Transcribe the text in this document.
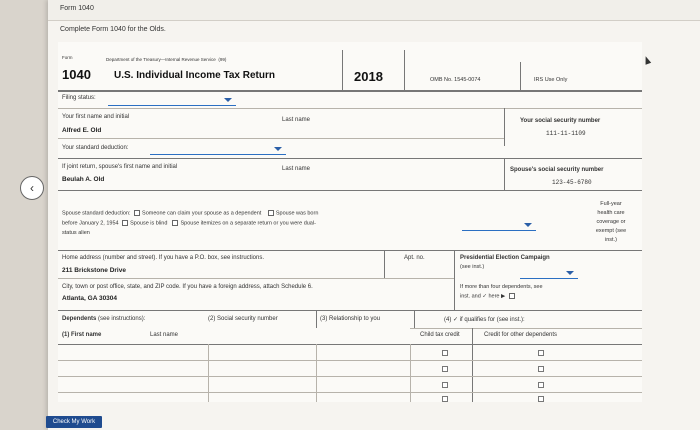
Form 1040
Complete Form 1040 for the Olds.
Form	Department of the Treasury—Internal Revenue Service (99)
1040 U.S. Individual Income Tax Return	2018	OMB No. 1545-0074	IRS Use Only
Filing status:
Your first name and initial
Alfred E. Old
Last name	Your social security number
111-11-1109
Your standard deduction:
If joint return, spouse's first name and initial
Beulah A. Old
Last name	Spouse's social security number
123-45-6780
Spouse standard deduction: Someone can claim your spouse as a dependent	Spouse was born
before January 2, 1954 Spouse is blind Spouse itemizes on a separate return or you were dual-
status alien
Full-year
health care
coverage or
exempt (see
inst.)
Home address (number and street). If you have a P.O. box, see instructions.
211 Brickstone Drive
Apt. no.	Presidential Election Campaign
(see inst.)
City, town or post office, state, and ZIP code. If you have a foreign address, attach Schedule 6.
Atlanta, GA 30304
If more than four dependents, see
inst. and ✓ here ▶
Dependents (see instructions):	(2) Social security number	(3) Relationship to you	(4) ✓ if qualifies for (see inst.):
(1) First name	Last name	Child tax credit	Credit for other dependents
‹
Check My Work
